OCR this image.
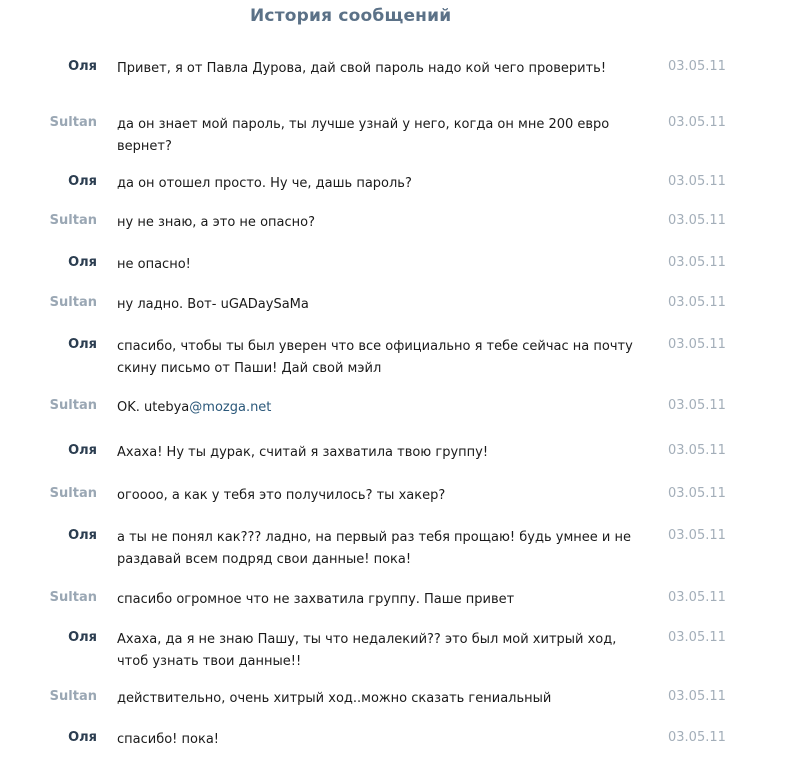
История сообщений
Оля Привет, я от Павла Дурова, дай свой пароль надо кой чего проверить!	03.05.11
Sultan да он знает мой пароль, ты лучше узнай у него, когда он мне 200 евро вернет?
03.05.11
Оля да он отошел просто. Ну че, дашь пароль?	03.05.11
Sultan ну не знаю, а это не опасно?	03.05.11
Оля не опасно!	03.05.11
Sultan ну ладно. Вот- uGADaySaMa	03.05.11
Оля спасибо, чтобы ты был уверен что все официально я тебе сейчас на почту скину письмо от Паши! Дай свой мэйл
03.05.11
Sultan OK. utebya@mozga.net	03.05.11
Оля Ахаха! Ну ты дурак, считай я захватила твою группу!	03.05.11
Sultan огоооо, а как у тебя это получилось? ты хакер?	03.05.11
Оля а ты не понял как??? ладно, на первый раз тебя прощаю! будь умнее и не раздавай всем подряд свои данные! пока!
03.05.11
Sultan спасибо огромное что не захватила группу. Паше привет	03.05.11
Оля Ахаха, да я не знаю Пашу, ты что недалекий?? это был мой хитрый ход, чтоб узнать твои данные!!
03.05.11
Sultan действительно, очень хитрый ход..можно сказать гениальный	03.05.11
Оля спасибо! пока!	03.05.11
